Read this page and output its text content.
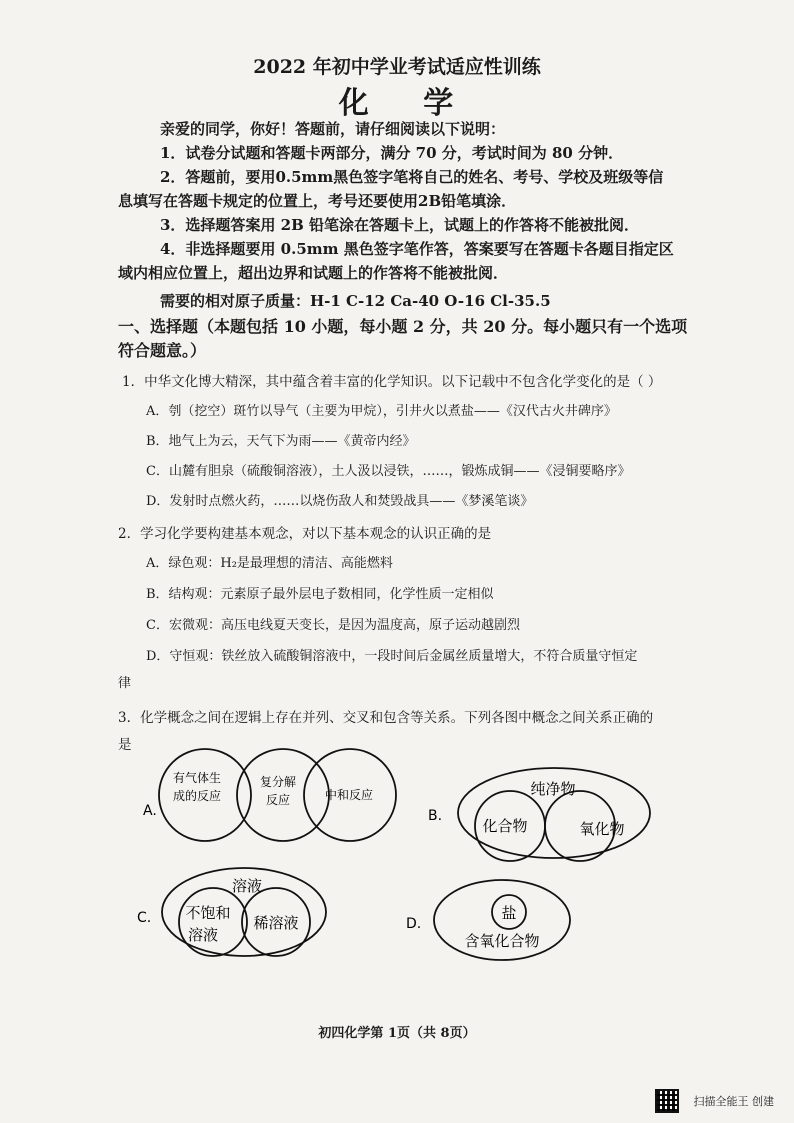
2022 年初中学业考试适应性训练
化 学
亲爱的同学，你好！答题前，请仔细阅读以下说明：
1．试卷分试题和答题卡两部分，满分 70 分，考试时间为 80 分钟．
2．答题前，要用0.5mm黑色签字笔将自己的姓名、考号、学校及班级等信
息填写在答题卡规定的位置上，考号还要使用2B铅笔填涂．
3．选择题答案用 2B 铅笔涂在答题卡上，试题上的作答将不能被批阅．
4．非选择题要用 0.5mm 黑色签字笔作答，答案要写在答题卡各题目指定区
域内相应位置上，超出边界和试题上的作答将不能被批阅．
需要的相对原子质量：H-1 C-12 Ca-40 O-16 Cl-35.5
一、选择题（本题包括 10 小题，每小题 2 分，共 20 分。每小题只有一个选项
符合题意。）
1．中华文化博大精深，其中蕴含着丰富的化学知识。以下记载中不包含化学变化的是（ ）
A．刳（挖空）斑竹以导气（主要为甲烷），引井火以煮盐——《汉代古火井碑序》
B．地气上为云，天气下为雨——《黄帝内经》
C．山麓有胆泉（硫酸铜溶液），土人汲以浸铁，……，锻炼成铜——《浸铜要略序》
D．发射时点燃火药，……以烧伤敌人和焚毁战具——《梦溪笔谈》
2．学习化学要构建基本观念，对以下基本观念的认识正确的是
A．绿色观：H₂是最理想的清洁、高能燃料
B．结构观：元素原子最外层电子数相同，化学性质一定相似
C．宏微观：高压电线夏天变长，是因为温度高，原子运动越剧烈
D．守恒观：铁丝放入硫酸铜溶液中，一段时间后金属丝质量增大，不符合质量守恒定
律
3．化学概念之间在逻辑上存在并列、交叉和包含等关系。下列各图中概念之间关系正确的
是
A.
有气体生
成的反应
复分解
反应	中和反应
B.
纯净物
化合物	氧化物
C.
溶液
不饱和
溶液
稀溶液	D.
盐
含氧化合物
初四化学第 1页（共 8页）
扫描全能王 创建
